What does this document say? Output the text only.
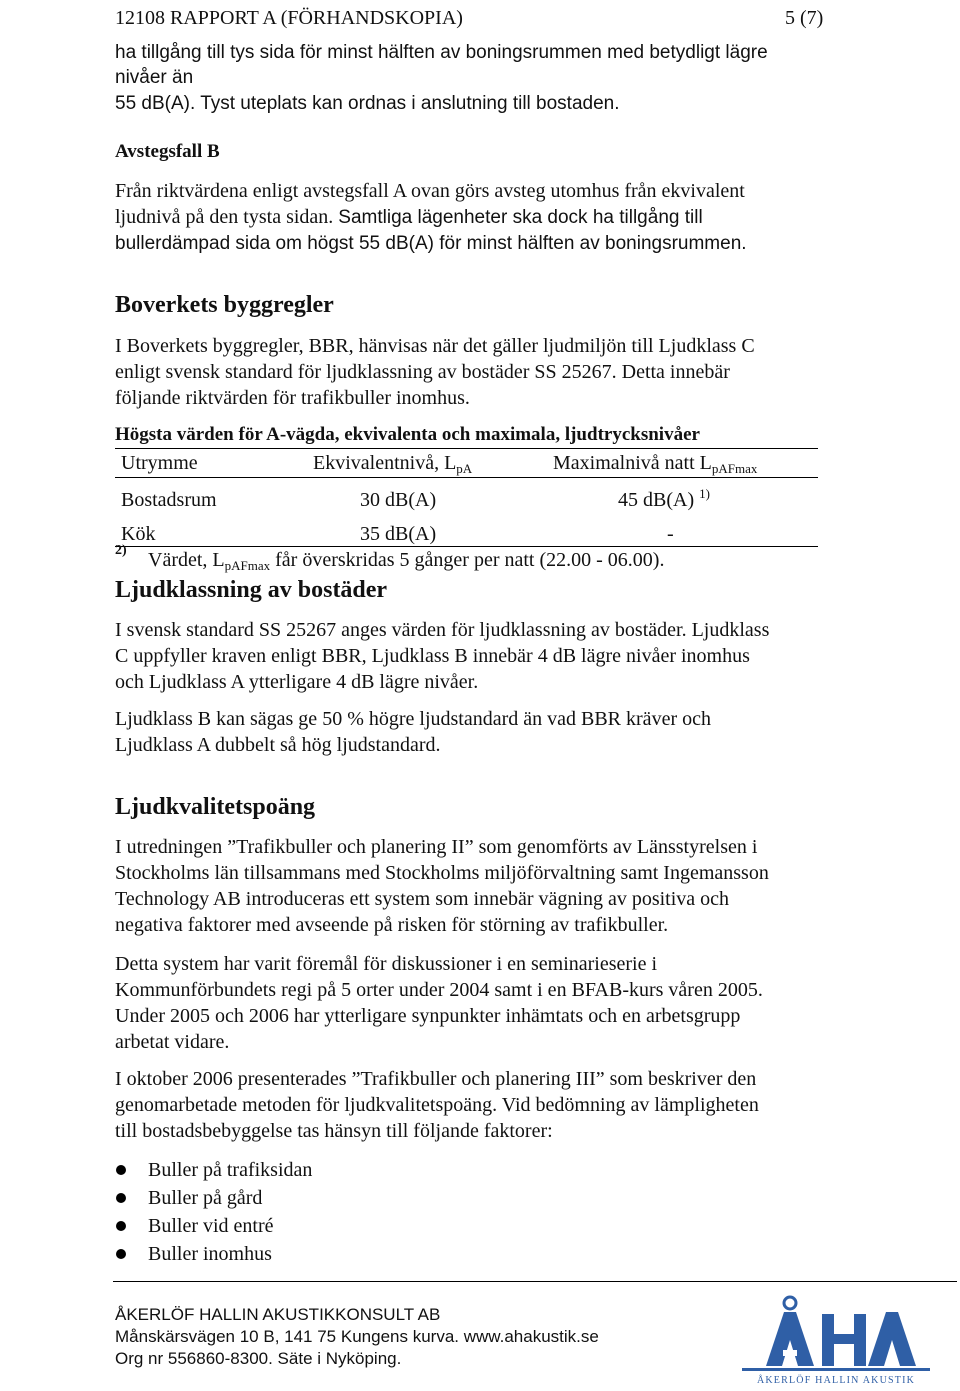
12108 RAPPORT A (FÖRHANDSKOPIA)	5 (7)
ha tillgång till tys sida för minst hälften av boningsrummen med betydligt lägre
nivåer än
55 dB(A). Tyst uteplats kan ordnas i anslutning till bostaden.
Avstegsfall B
Från riktvärdena enligt avstegsfall A ovan görs avsteg utomhus från ekvivalent
ljudnivå på den tysta sidan. Samtliga lägenheter ska dock ha tillgång till
bullerdämpad sida om högst 55 dB(A) för minst hälften av boningsrummen.
Boverkets byggregler
I Boverkets byggregler, BBR, hänvisas när det gäller ljudmiljön till Ljudklass C
enligt svensk standard för ljudklassning av bostäder SS 25267. Detta innebär
följande riktvärden för trafikbuller inomhus.
Högsta värden för A-vägda, ekvivalenta och maximala, ljudtrycksnivåer
Utrymme	Ekvivalentnivå, $L_{pA}$	Maximalnivå natt $L_{pAFmax}$
Bostadsrum	30 dB(A)	45 dB(A) $^{1)}$
Kök	35 dB(A)	-
2) Värdet, $L_{pAFmax}$ får överskridas 5 gånger per natt (22.00 - 06.00).
Ljudklassning av bostäder
I svensk standard SS 25267 anges värden för ljudklassning av bostäder. Ljudklass
C uppfyller kraven enligt BBR, Ljudklass B innebär 4 dB lägre nivåer inomhus
och Ljudklass A ytterligare 4 dB lägre nivåer.
Ljudklass B kan sägas ge 50 % högre ljudstandard än vad BBR kräver och
Ljudklass A dubbelt så hög ljudstandard.
Ljudkvalitetspoäng
I utredningen ”Trafikbuller och planering II” som genomförts av Länsstyrelsen i
Stockholms län tillsammans med Stockholms miljöförvaltning samt Ingemansson
Technology AB introduceras ett system som innebär vägning av positiva och
negativa faktorer med avseende på risken för störning av trafikbuller.
Detta system har varit föremål för diskussioner i en seminarieserie i
Kommunförbundets regi på 5 orter under 2004 samt i en BFAB-kurs våren 2005.
Under 2005 och 2006 har ytterligare synpunkter inhämtats och en arbetsgrupp
arbetat vidare.
I oktober 2006 presenterades ”Trafikbuller och planering III” som beskriver den
genomarbetade metoden för ljudkvalitetspoäng. Vid bedömning av lämpligheten
till bostadsbebyggelse tas hänsyn till följande faktorer:
Buller på trafiksidan
Buller på gård
Buller vid entré
Buller inomhus
ÅKERLÖF HALLIN AKUSTIKKONSULT AB
Månskärsvägen 10 B, 141 75 Kungens kurva. www.ahakustik.se
Org nr 556860-8300. Säte i Nyköping.
ÅKERLÖF HALLIN AKUSTIK
